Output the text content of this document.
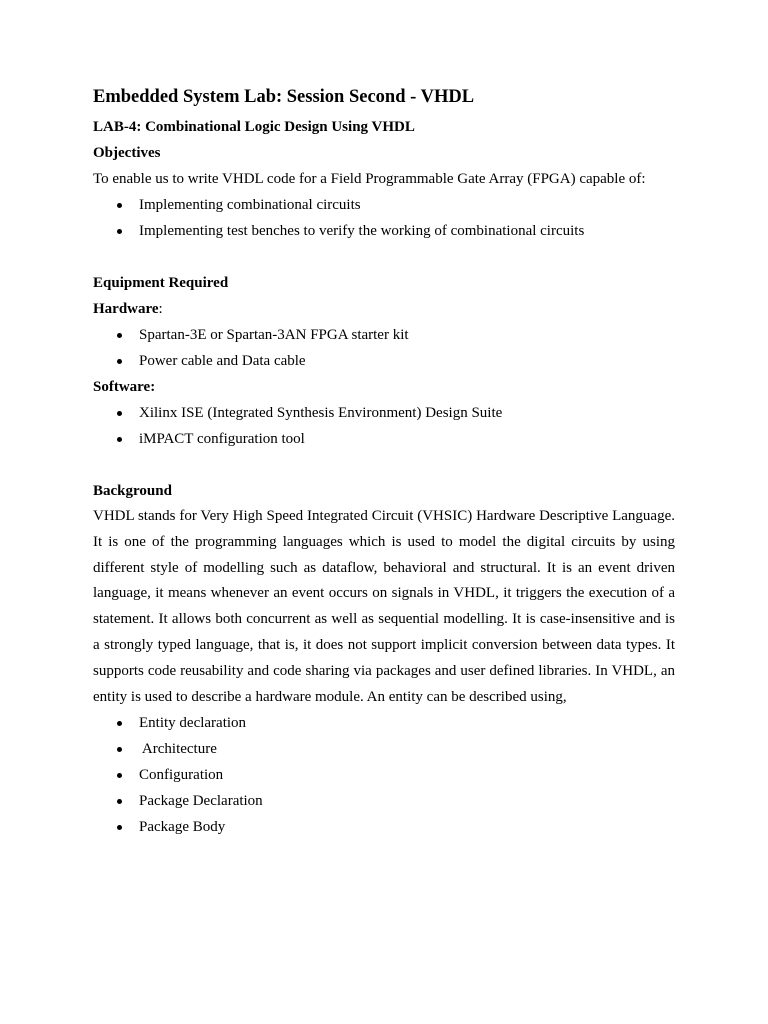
Embedded System Lab: Session Second - VHDL
LAB-4: Combinational Logic Design Using VHDL
Objectives

To enable us to write VHDL code for a Field Programmable Gate Array (FPGA) capable of:

Implementing combinational circuits
Implementing test benches to verify the working of combinational circuits
Equipment Required
Hardware:
Spartan-3E or Spartan-3AN FPGA starter kit
Power cable and Data cable
Software:
Xilinx ISE (Integrated Synthesis Environment) Design Suite
iMPACT configuration tool
Background

VHDL stands for Very High Speed Integrated Circuit (VHSIC) Hardware Descriptive Language. It is one of the programming languages which is used to model the digital circuits by using different style of modelling such as dataflow, behavioral and structural. It is an event driven language, it means whenever an event occurs on signals in VHDL, it triggers the execution of a statement. It allows both concurrent as well as sequential modelling. It is case-insensitive and is a strongly typed language, that is, it does not support implicit conversion between data types. It supports code reusability and code sharing via packages and user defined libraries. In VHDL, an entity is used to describe a hardware module. An entity can be described using,

Entity declaration
Architecture
Configuration
Package Declaration
Package Body
